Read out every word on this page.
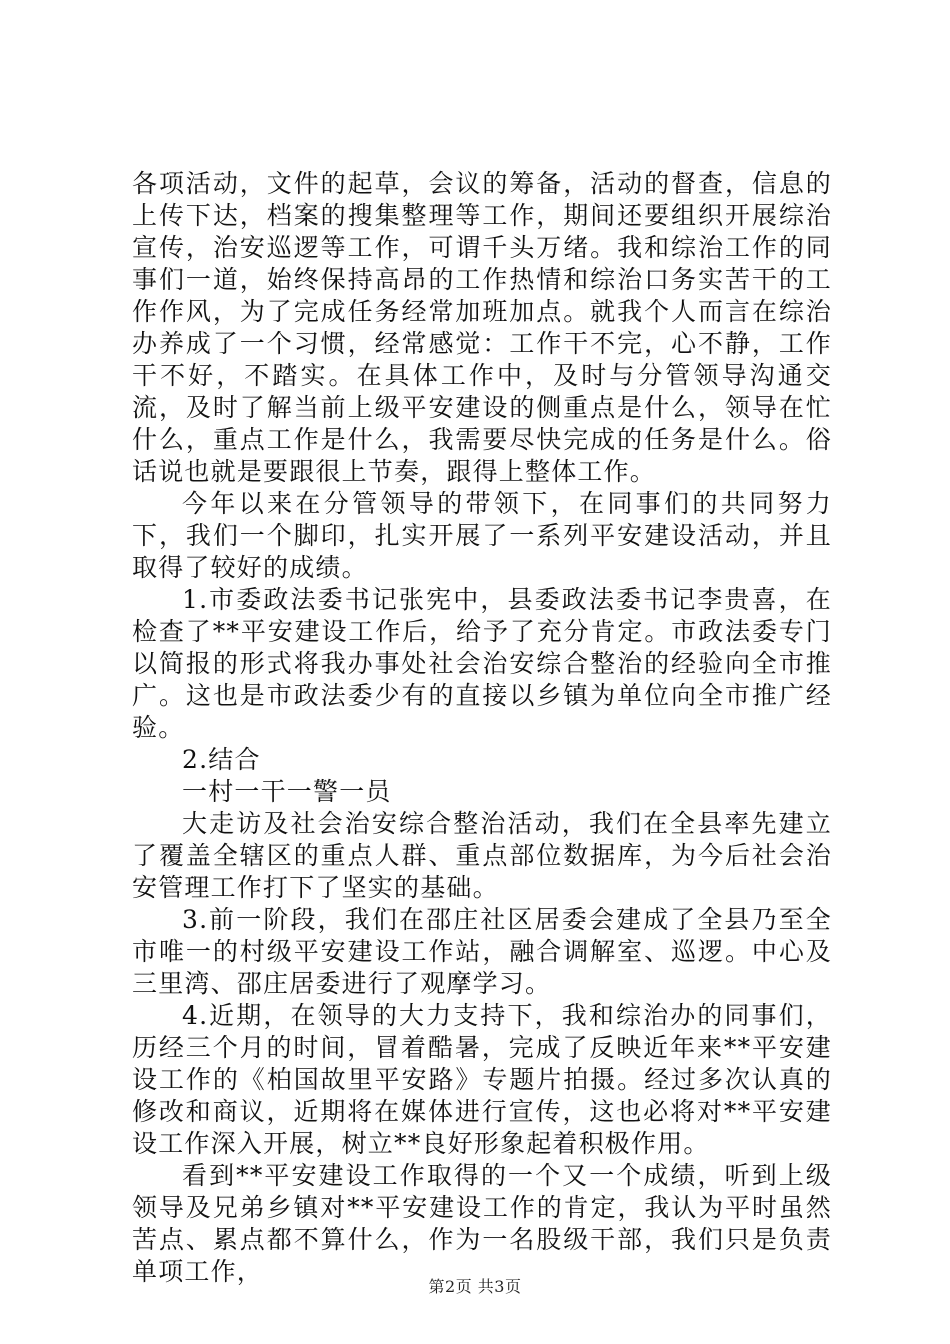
各项活动，文件的起草，会议的筹备，活动的督查，信息的上传下达，档案的搜集整理等工作，期间还要组织开展综治宣传，治安巡逻等工作，可谓千头万绪。我和综治工作的同事们一道，始终保持高昂的工作热情和综治口务实苦干的工作作风，为了完成任务经常加班加点。就我个人而言在综治办养成了一个习惯，经常感觉：工作干不完，心不静，工作干不好，不踏实。在具体工作中，及时与分管领导沟通交流，及时了解当前上级平安建设的侧重点是什么，领导在忙什么，重点工作是什么，我需要尽快完成的任务是什么。俗话说也就是要跟很上节奏，跟得上整体工作。

今年以来在分管领导的带领下，在同事们的共同努力下，我们一个脚印，扎实开展了一系列平安建设活动，并且取得了较好的成绩。

1.市委政法委书记张宪中，县委政法委书记李贵喜，在检查了**平安建设工作后，给予了充分肯定。市政法委专门以简报的形式将我办事处社会治安综合整治的经验向全市推广。这也是市政法委少有的直接以乡镇为单位向全市推广经验。

2.结合

一村一干一警一员

大走访及社会治安综合整治活动，我们在全县率先建立了覆盖全辖区的重点人群、重点部位数据库，为今后社会治安管理工作打下了坚实的基础。

3.前一阶段，我们在邵庄社区居委会建成了全县乃至全市唯一的村级平安建设工作站，融合调解室、巡逻。中心及三里湾、邵庄居委进行了观摩学习。

4.近期，在领导的大力支持下，我和综治办的同事们，历经三个月的时间，冒着酷暑，完成了反映近年来**平安建设工作的《柏国故里平安路》专题片拍摄。经过多次认真的修改和商议，近期将在媒体进行宣传，这也必将对**平安建设工作深入开展，树立**良好形象起着积极作用。

看到**平安建设工作取得的一个又一个成绩，听到上级领导及兄弟乡镇对**平安建设工作的肯定，我认为平时虽然苦点、累点都不算什么，作为一名股级干部，我们只是负责单项工作，

第2页 共3页
